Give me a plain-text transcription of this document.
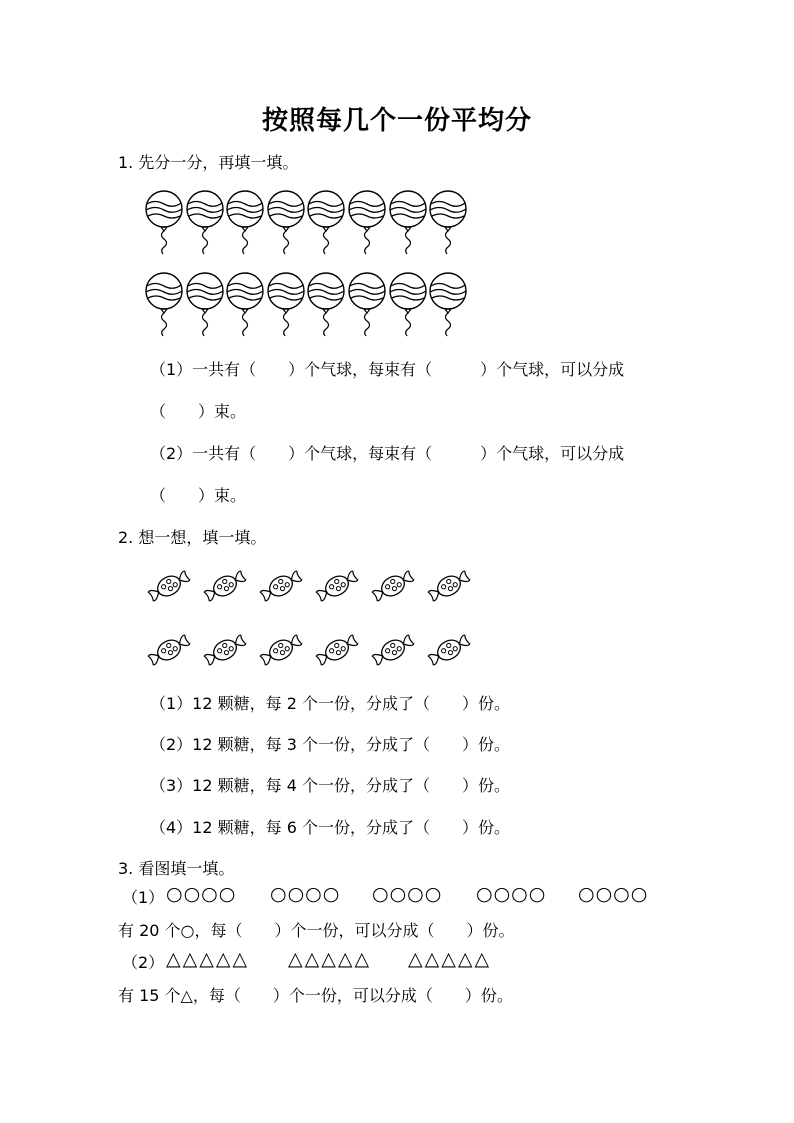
按照每几个一份平均分
1. 先分一分，再填一填。
（1）一共有（　　）个气球，每束有（　　　）个气球，可以分成
（　　）束。
（2）一共有（　　）个气球，每束有（　　　）个气球，可以分成
（　　）束。
2. 想一想，填一填。
（1）12 颗糖，每 2 个一份，分成了（　　）份。
（2）12 颗糖，每 3 个一份，分成了（　　）份。
（3）12 颗糖，每 4 个一份，分成了（　　）份。
（4）12 颗糖，每 6 个一份，分成了（　　）份。
3. 看图填一填。
（1） ○○○○ ○○○○ ○○○○ ○○○○ ○○○○
有 20 个○，每（　　）个一份，可以分成（　　）份。
（2） △△△△△ △△△△△ △△△△△
有 15 个△，每（　　）个一份，可以分成（　　）份。
